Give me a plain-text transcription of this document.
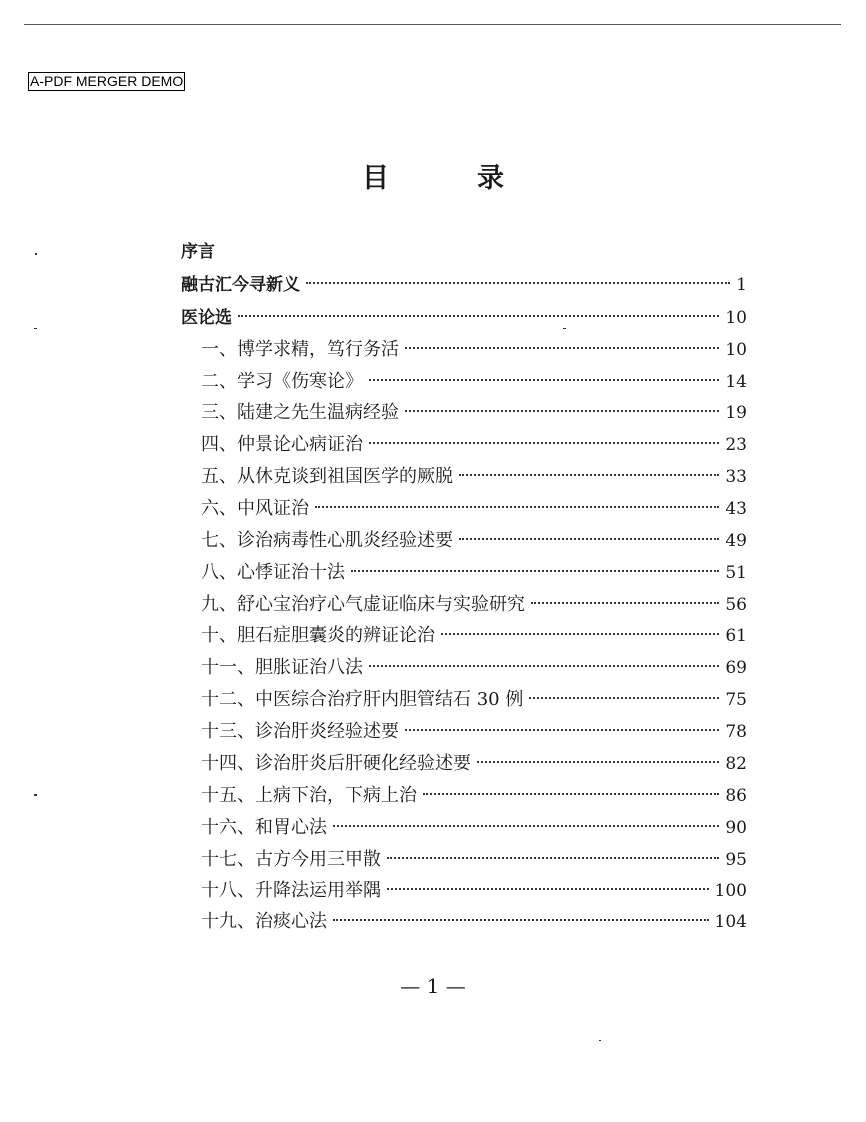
A-PDF MERGER DEMO
目	录
序言
融古汇今寻新义	1
医论选	10
一、博学求精，笃行务活	10
二、学习《伤寒论》	14
三、陆建之先生温病经验	19
四、仲景论心病证治	23
五、从休克谈到祖国医学的厥脱	33
六、中风证治	43
七、诊治病毒性心肌炎经验述要	49
八、心悸证治十法	51
九、舒心宝治疗心气虚证临床与实验研究	56
十、胆石症胆囊炎的辨证论治	61
十一、胆胀证治八法	69
十二、中医综合治疗肝内胆管结石 30 例	75
十三、诊治肝炎经验述要	78
十四、诊治肝炎后肝硬化经验述要	82
十五、上病下治，下病上治	86
十六、和胃心法	90
十七、古方今用三甲散	95
十八、升降法运用举隅	100
十九、治痰心法	104
— 1 —
